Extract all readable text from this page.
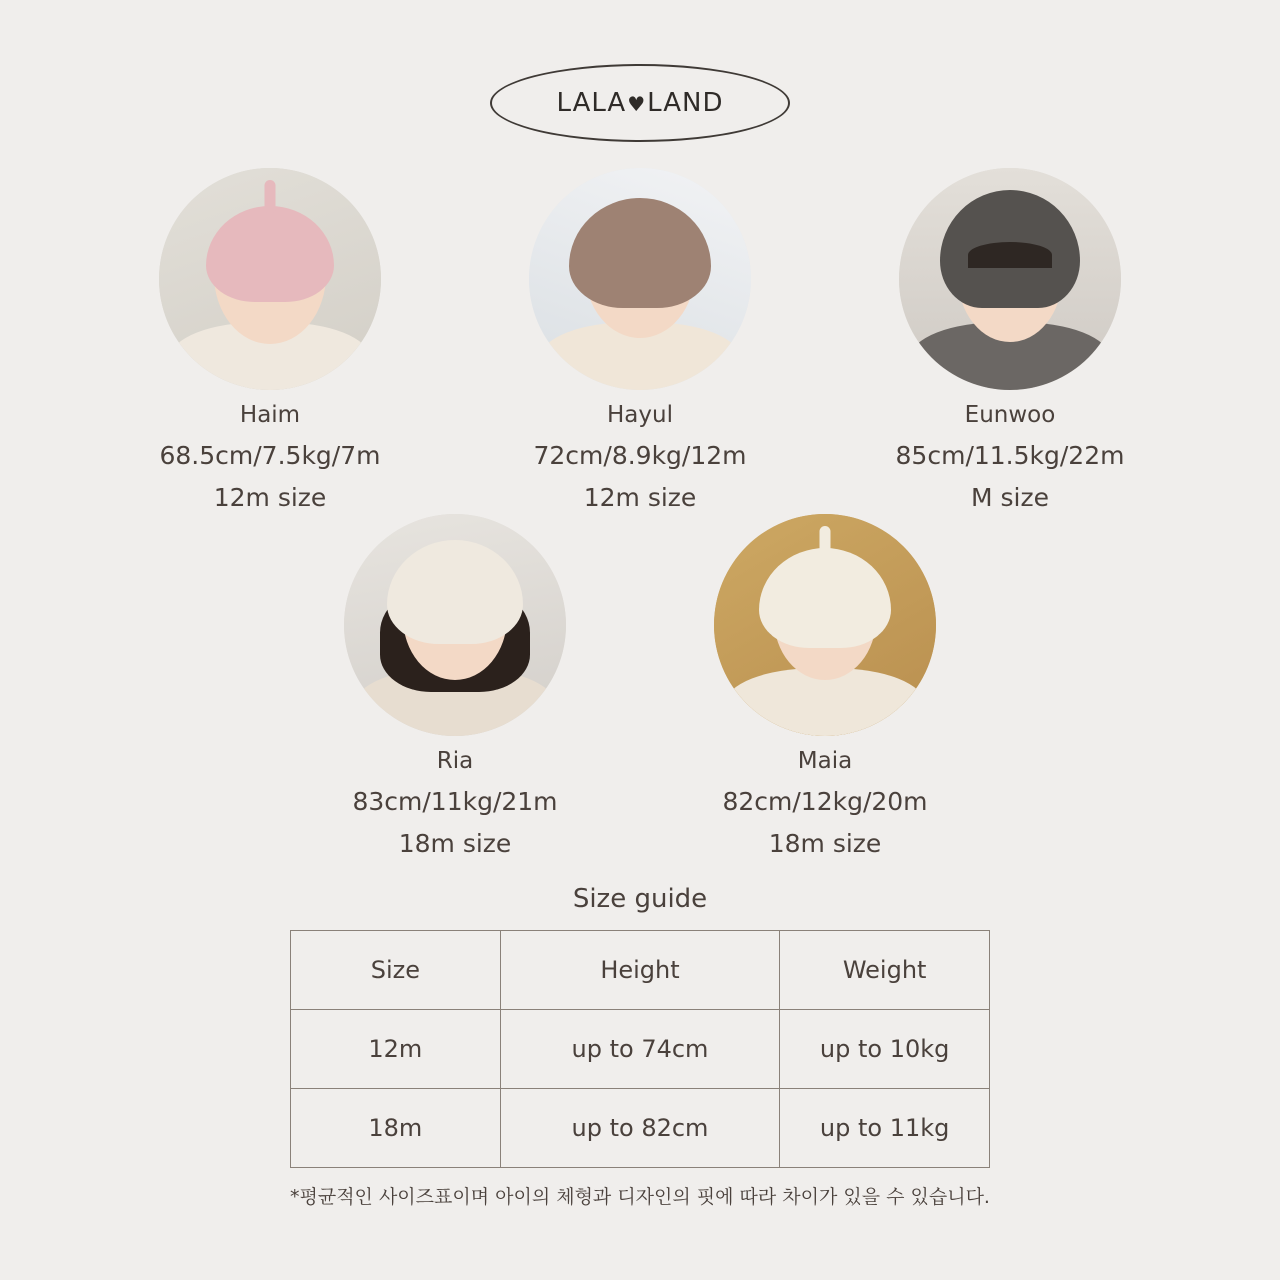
LALA ♥ LAND
Haim
68.5cm/7.5kg/7m
12m size
Hayul
72cm/8.9kg/12m
12m size
Eunwoo
85cm/11.5kg/22m
M size
Ria
83cm/11kg/21m
18m size
Maia
82cm/12kg/20m
18m size
Size guide
Size	Height	Weight
12m	up to 74cm	up to 10kg
18m	up to 82cm	up to 11kg
*평균적인 사이즈표이며 아이의 체형과 디자인의 핏에 따라 차이가 있을 수 있습니다.
